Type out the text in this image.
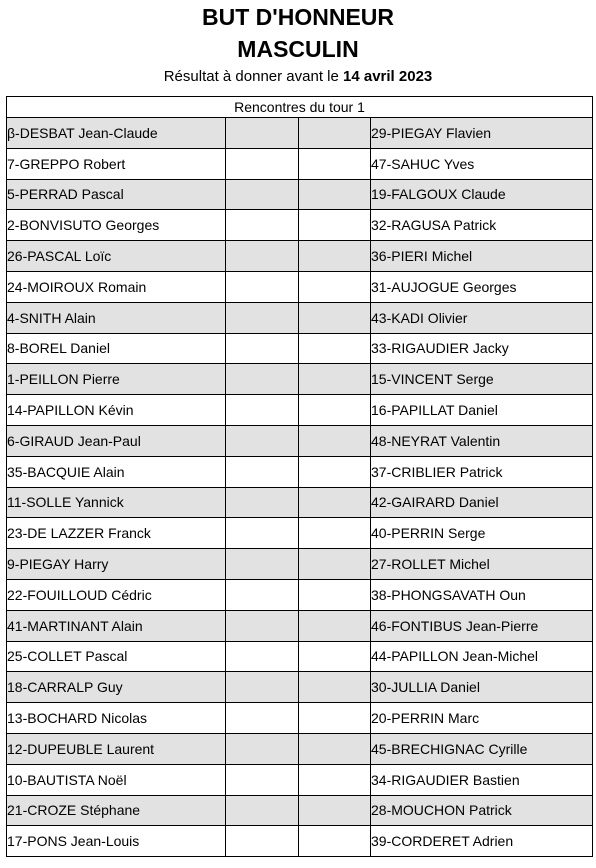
BUT D'HONNEUR
MASCULIN
Résultat à donner avant le 14 avril 2023
Rencontres du tour 1			
β-DESBAT Jean-Claude			29-PIEGAY Flavien
7-GREPPO Robert			47-SAHUC Yves
5-PERRAD Pascal			19-FALGOUX Claude
2-BONVISUTO Georges			32-RAGUSA Patrick
26-PASCAL Loïc			36-PIERI Michel
24-MOIROUX Romain			31-AUJOGUE Georges
4-SNITH Alain			43-KADI Olivier
8-BOREL Daniel			33-RIGAUDIER Jacky
1-PEILLON Pierre			15-VINCENT Serge
14-PAPILLON Kévin			16-PAPILLAT Daniel
6-GIRAUD Jean-Paul			48-NEYRAT Valentin
35-BACQUIE Alain			37-CRIBLIER Patrick
11-SOLLE Yannick			42-GAIRARD Daniel
23-DE LAZZER Franck			40-PERRIN Serge
9-PIEGAY Harry			27-ROLLET Michel
22-FOUILLOUD Cédric			38-PHONGSAVATH Oun
41-MARTINANT Alain			46-FONTIBUS Jean-Pierre
25-COLLET Pascal			44-PAPILLON Jean-Michel
18-CARRALP Guy			30-JULLIA Daniel
13-BOCHARD Nicolas			20-PERRIN Marc
12-DUPEUBLE Laurent			45-BRECHIGNAC Cyrille
10-BAUTISTA Noël			34-RIGAUDIER Bastien
21-CROZE Stéphane			28-MOUCHON Patrick
17-PONS Jean-Louis			39-CORDERET Adrien
